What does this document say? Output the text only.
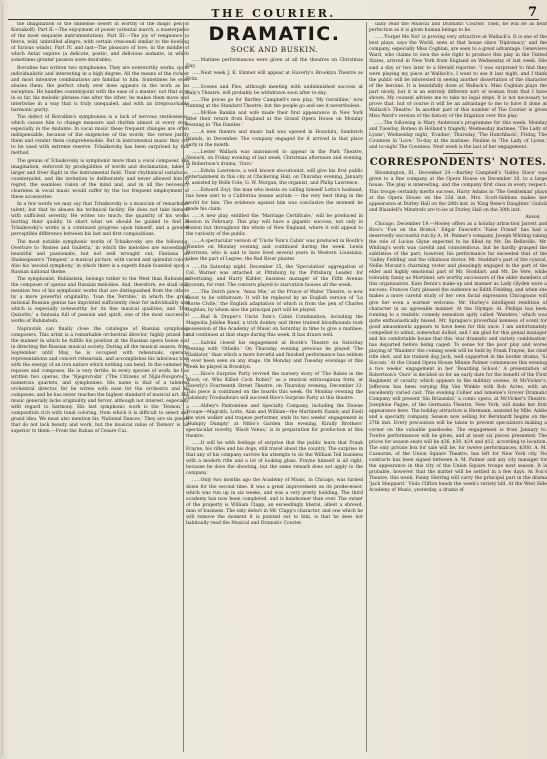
THE COURIER.	7

the imagination of the immense desert in worthy of the magic pen of Korsakoff). Part II.—The enjoyment of power (oriental march, a masterpiece of the most exquisite instrumentation). Part III.—The joy of vengeance (a fierce, wild, unbridled allegro, with certain crescendi similar to the howling of furious winds). Part IV. and last—The pleasure of love, in the middle of which Antar expires (a delicate, poetic, and delicious andante, in which sometimes greater passion were desirable).

Borodine has written two symphonies. They are noteworthy works, quite individualistic and interesting in a high degree. All the means of the richest and most intensive combinations are familiar to him. Sometimes he even abuses them; the perfect study ever does appears in the work as an exception. He handles counterpoint with the ease of a master; not that says in so far, his melodic phrases rise after the other; he makes them move and intertwine in a way that is truly unequaled, and with an irreproachable harmonic purity.

The defect of Borodine's symphonies is a lack of nervous restlessness, which causes him to change measure and rhythm almost at every step, especially in the Andante. In vocal music these frequent changes are often indispensable, because of the exigencies of the words; the verses justify them and render them comprehensible. But in instrumental music they are to be used with extreme reserve. Tchaikovsky has been surprised by this method.

The genius of Tchaikovsky is symphonic more than a vocal composer. His imagination, enforced by prodigalities of words and declamation, takes a larger and freer flight in the instrumental field. Their rhythmical variations, counterpoint, and the invitation to deliberately and never allowed him to regret, the seamless vision of the mind and, and in all the necessary clearness in vocal music would suffer by the too frequent employment of these accessories.

In a few words we may say that Tchaikovsky is a musician of remarkable talent; but that he abuses his technical facility. He does not take himself with sufficient severity. He writes too much; the quantity of his works hurting their quality. In short what we should be guided to find in Tchaikovsky's works is a continued progress upon himself, and a greater perceptible difference between his last and first compositions.

The most notable symphonic works of Tchaikovsky are the following: Overture to 'Romeo and Guiletta,' in which the melodies are exceedingly beautiful and passionate, but not well wrought out; Fantasia on Shakespeare's 'Tempest,' a musical picture, with varied and splendid colors. Also his 'second symphony,' in which there is a superb finale founded upon a Russian national theme.

The symphonist, Rubinstein, belongs rather to the West than Rubinstein the composer of operas and Russian melodies. And, therefore, we shall only mention two of his symphonic works that are distinguished from the others by a more powerful originality: 'Ivan the Terrible,' in which the great national Russian genius has imprinted sufficiently clear for individuality and which is especially noteworthy for its fine musical qualities; and 'Don Quixotte,' a fantasia full of passion and spirit, one of the most successful works of Rubinstein.

Napravnik can finally close the catalogue of Russian symphonic composers. This artist is a remarkable orchestral director, highly prized for the manner in which he fulfills his position at the Russian opera house and in directing the Russian musical society. During all the musical season, from September until May, he is occupied with rehearsals, operatic representations and concert rehearsals, and accomplishes his laborious task with the energy of an iron nature which nothing can bend. In the summer he reposes and composes. He is very fertile; in every species of work; he has written two operas, the 'Njegovrodzi' ('The Citizens of Nijni-Novgorod'), numerous quartets, and symphonies. His name is that of a talented orchestral director, for he writes with ease for the orchestra and he composes; and he has never reaches the highest standard of musical art. His music generally lacks originality and fervor, although not interest, especially with regard to harmony. His last symphonic work is the 'Demon,' a composition rich with tonal coloring, from which it is difficult to select any grand idea. We must also mention his 'National Dances.' They are six pieces that do not lack beauty and work, but the musical value of 'Demon' is far superior to them.—From the Italian of Cesare Cui.

DRAMATIC.
SOCK AND BUSKIN.

......Matinee performances were given at all the theatres on Christmas Day.

......Next week J. K. Emmet will appear at Haverly's Brooklyn Theatre as Fritz.

......Scenes and Pies, although meeting with undiminished success at Daly's Theatre, will probably be withdrawn soon after to-day.

......The prices go for Bartley Campbell's new play, 'My Geraldine,' now running at the Standard Theatre; but the people go and see it nevertheless.

......McKee Rankin and wife made their first appearance in New York after their return from England at the Grand Opera House on Monday evening in 'The Danites.'

......A new theatre and music hall was opened in Honolulu, Sandwich Islands, in December. The company engaged for it arrived in that place early in the month.

......Lester Wallack was announced to appear in the Park Theatre, Newark, on Friday evening of last week, Christmas afternoon and evening, in Robertson's drama, 'Ours.'

......Edwin Lawrence, a well known elocutionist, will give his first public entertainment in this city at Chickering Hall, on Thursday evening, January 6, assisted by Belle Cole, G. W. Morgan, the organist, and Philip Lawrence.

......Edward Zoyl, the man who insists on calling himself Lotta's husband, has been sent to a California insane asylum — the very best thing in the world for him. The evidence against him was conclusive the moment he made his claim.

......A new play, entitled the 'Marriage Certificate,' will be produced in Boston in February. This play will have a gigantic success, not only in Boston but throughout the whole of New England, where it will appeal to the curiosity of the public.

......A spectacular version of 'Uncle Tom's Cabin' was produced in Booth's Theatre on Monday evening and continued during the week. Lewis Morrison, who is said to have lived several years in Western Louisiana, takes the part of Legree, the Red River planter.

......On Saturday night, December 25, the 'Speculation' aggregation of Col. Warner was attached at Pittsburg by the Pittsburg Leader, for advertising, and Harry Kidder, business manager of the Fifth Avenue Lyceum, for rent. The concern played to starvation houses all the week.

......The Dutch piece, 'Anna Mie,' at the Prince of Wales' Theatre, is now about to be withdrawn. It will be replaced by an English version of 'La Morte Civile,' the English adaptation of which is from the pen of Charles Coghlan, by whom also the principal part will be played.

......Rial & Draper's Uncle Tom's Cabin Combination, including the Magnolia Jubilee Band, a trick donkey and three trained bloodhounds took possession of the Academy of Music on Saturday in time to give a matinee, and continues at that stage during this week. It has drawn well.

......Salvini closed his engagement at Booth's Theatre on Saturday evening with 'Othello.' On Thursday evening previous he played 'The Gladiator,' than which a more forceful and finished performance has seldom if ever been seen on any stage. On Monday and Tuesday evenings of this week he played in Brooklyn.

......Rice's Surprise Party revived the nursery story of 'The Babes in the Wood; or, Who Killed Cock Robin?' as a musical extravaganza form, at Haverly's Fourteenth Street Theatre, on Thursday evening, December 23. This piece is continued on the boards this week. On Monday evening the Salisbury Troubadours will succeed Rice's Surprise Party at this theatre.

......Abbey's Pantomime and Specialty Company, including the Dawne Troupe—Magrath, Lotto, Alan and William—the Martinetti Family and Ezell the wire walker and trapeze performer, ends its two weeks' engagement in 'Humpty Dumpty' at Niblo's Garden this evening. Kiralfy Brothers' spectacular novelty, 'Black Venus,' is in preparation for production at this theatre.

......It will be with feelings of surprise that the public learn that Frank Frayne, his rifles and his dogs, still travel about the country. The surprise in that any of his company survive his attempts to do the William Tell business with a modern rifle and a lot of looking glass. Frayne himself is all right, because he does the shooting, but the same remark does not apply to the company.

......Only two months ago the Academy of Music, in Chicago, was turned down for the second time. It was a great improvement on its predecessor, which was run up in six weeks, and was a very pretty building. The third academy has now been completed, and is handsomer than ever. The owner of the property is William Clapp, an exceedingly liberal, albeit a shrewd, man of business. The only defect in Mr. Clapp's character, and one which he will remove the moment it is pointed out to him, is that he does not habitually read the Musical and Dramatic Courier.

ually read the Musical and Dramatic Courier. Then, he will be as near perfection as it is given human beings to be.

......'Forget Me Not' is proving very attractive at Wallack's. It is one of the best plays, says the World, seen at that house since 'Diplomacy,' and the company, especially Miss Coghlan, are seen to a great advantage. Genevieve Ward, who claims to own the sole right to produce this play in the United States, arrived in New York from England on Wednesday of last week. She said a day or two later to a Herald reporter: 'I was surprised to find they were playing my piece at Wallack's. I went to see it last night, and I think the public will be interested in seeing another dissertation of the character of the heroine. It is beautifully done at Wallack's. Miss Coghlan plays the part nicely, but it is an entirely different sort of woman from that I have shown. My counsel advises me to take no legal steps. It is not necessary to prove that, but of course it will be an advantage to me to have it done at Wallack's Theatre.' In another part of this number of The Courier is given Miss Ward's version of the history of the litigation over this play.

......The following is Mary Anderson's programme for this week: Monday and Tuesday, Romeo in Holland's tragedy; Wednesday matinee, 'The Lady of Lyons'; Wednesday night, 'Evadne'; Thursday, 'The Hunchback'; Friday, The Countess in 'Love.' To-day at the matinee, Pauline in 'The Lady of Lyons,' and to-night The Countess. Next week is the last of her engagement.

CORRESPONDENTS' NOTES.

Bloomington, Ill., December 24.—Bartley Campbell's 'Galley Slave' was given to a fine company at the Opera House on December 20, to a large house. The play is interesting, and the company first class in every respect. This troupe certainly merits success. Harry Adams in 'The Gentleman' plays at the Opera House on the 23d inst. Mrs. Scott-Siddons makes her appearance at Durley Hall on the 28th inst. in 'King Rene's Daughter.' Gulick and Blaisdell's Minstrels are to be at Durley Hall on the 30th inst.

Anson.

Chicago, December 19.—Hooley offers as a holiday attraction Jarrett and Rice's 'Fun on the Bristol.' Edgar Fawcett's 'False Friend' has had a deservedly successful run by A. M. Palmer's company, Joseph Whiting taking the role of Lucius Glyne expected to be filled by Mr. De Belleville. Mr. Whiting's work was careful and conscientious, but he hardly grasped the subtleties of the part; however, his performance far exceeded that of the 'Galley Fielding' and the villainous doctor. Mr. Stoddart's part of the cynical, Nellie Morant's charming roster and pleasingly engaged in the part of the elder and highly emotional part of Mr. Stoddart, and Mr. De Vere, while tolerably funny as Mortimer, are worthy successors of the elder members of this organization. Kate Denin's make-up and manner as Lady Glyden were a success. Frances Cary pleased the audience as Edith Fielding, and when she makes a more careful study of her own facial expression Chicagoans will give her even a warmer welcome. Mr. Hurley's intelligent rendition of character in an agreeable manner. At the Olympic Al. Phillips has been running to a realistic comedy sensation aptly called 'Wanders,' which was quite enthusiastically hissed. Mr. Sprague's proverbial kenness of scent for good amusements appears to have been for this once. I am unfortunately compelled to admit, somewhat dulled, and I am glad for this genial manager and his comfortable house that this 'star dramatic and variety combination' has departed before being caged. To sense for the poor play and worse playing of 'Wanders' the coming week will be held by Frank Frayne, his chief rifle shot, and his trained dog Jack, well supported in the border drama, 'Si Slocum.' At the Grand Opera House Minnie Palmer commences this evening a two weeks' engagement in her 'Boarding School.' A presentation of Robertson's 'Ours' is decided on for an early date for the benefit of the First Regiment of cavalry, which appears in the military scenes. At McVicker's, Jefferson has been varying Rip Van Winkle with Bob Acres, with an excellently varied cast. This evening Collier and Ismenie's Grover Dramatic Company will present 'Sin Brizandol,' a comic opera, at McVicker's Theatre. Josephine Pagne, of the Germania Theatre, New York, will make her first appearance here. The holiday attraction is Hermann, assisted by Mlle. Addie and a specialty company. Season now selling for Bernhardt begins on the 27th inst. Every precaution will be taken to prevent speculators making a corner on the valuable passbooks. The engagement is from January to. Twelve performances will be given, and at least six pieces presented. The prices for season seats will be $36, $30, $24 and $12, according to location. The only private box for sale will be, for twelve performances, $300. A. M. Cazauran, of the Union Square Theatre, has left for New York city. No contracts has been signed between A. M. Palmer and any city manager for the appearance in this city of the Union Square troupe next season. It is probable, however, that the matter will be settled in a few days. At Fox's Theatre, this week, Fanny Herring will carry the principal part in the drama 'Jack Sheppard.' Viola Clifton heads the week's variety bill. At the West Side Academy of Music, yesterday, a drama of
